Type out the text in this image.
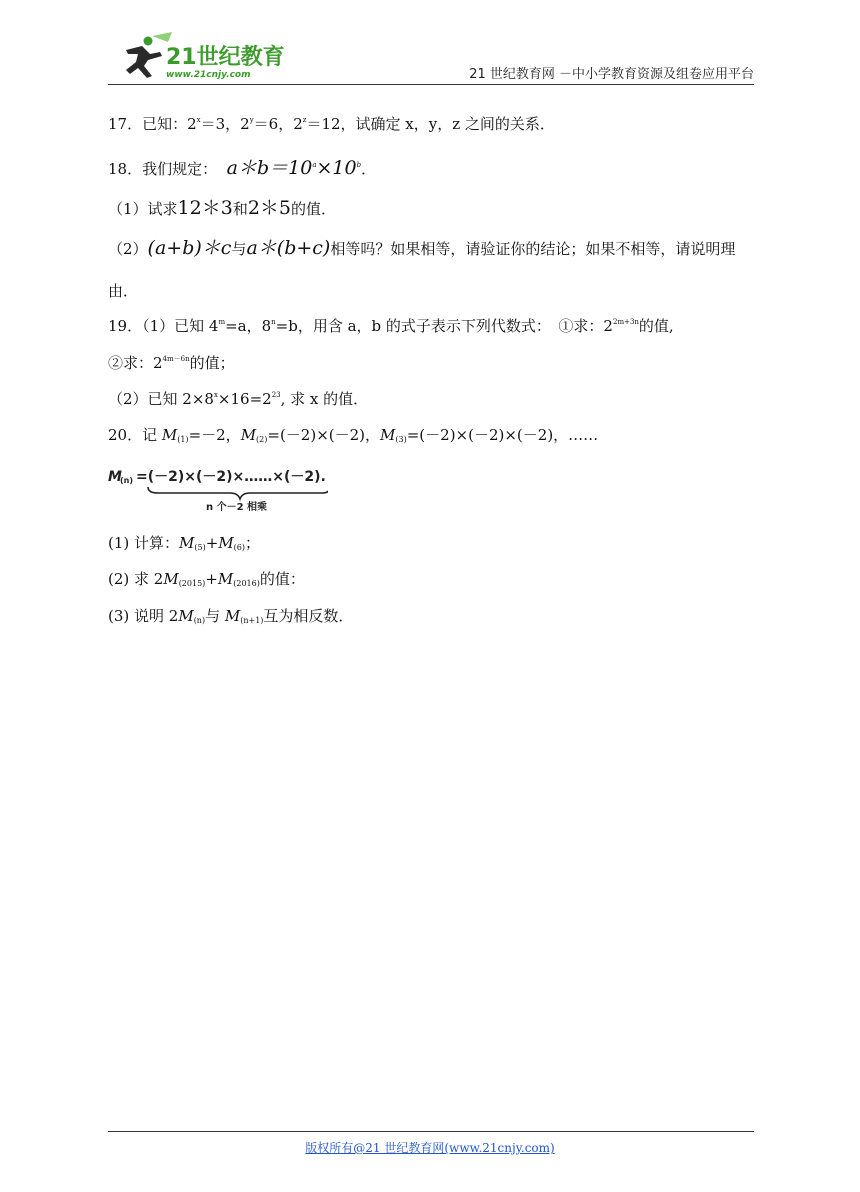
21世纪教育
www.21cnjy.com	21 世纪教育网 －中小学教育资源及组卷应用平台
17．已知：$2^x=3$，$2^y=6$，$2^z=12$，试确定 x，y，z 之间的关系．
18．我们规定： $a*b=10^a\times 10^b$．
（1）试求12＊3和2＊5的值．
（2）(a+b)＊c与a＊(b+c)相等吗？如果相等，请验证你的结论；如果不相等，请说明理
由．
19．（1）已知 $4^m=a$，$8^n=b$，用含 a，b 的式子表示下列代数式：　①求：$2^{2m+3n}$的值,
②求：$2^{4m-6n}$的值；
（2）已知 $2\times 8^x\times 16=2^{23}$, 求 x 的值．
20．记 $M_{(1)}=-2$，$M_{(2)}=(-2)\times(-2)$，$M_{(3)}=(-2)\times(-2)\times(-2)$，……
M
(n) =(－2)×(－2)×……×(－2).
n 个－2 相乘
(1) 计算：$M_{(5)}+M_{(6)}$；
(2) 求 $2M_{(2015)}+M_{(2016)}$的值：
(3) 说明 $2M_{(n)}$与 $M_{(n+1)}$互为相反数．
版权所有@21 世纪教育网(www.21cnjy.com)
